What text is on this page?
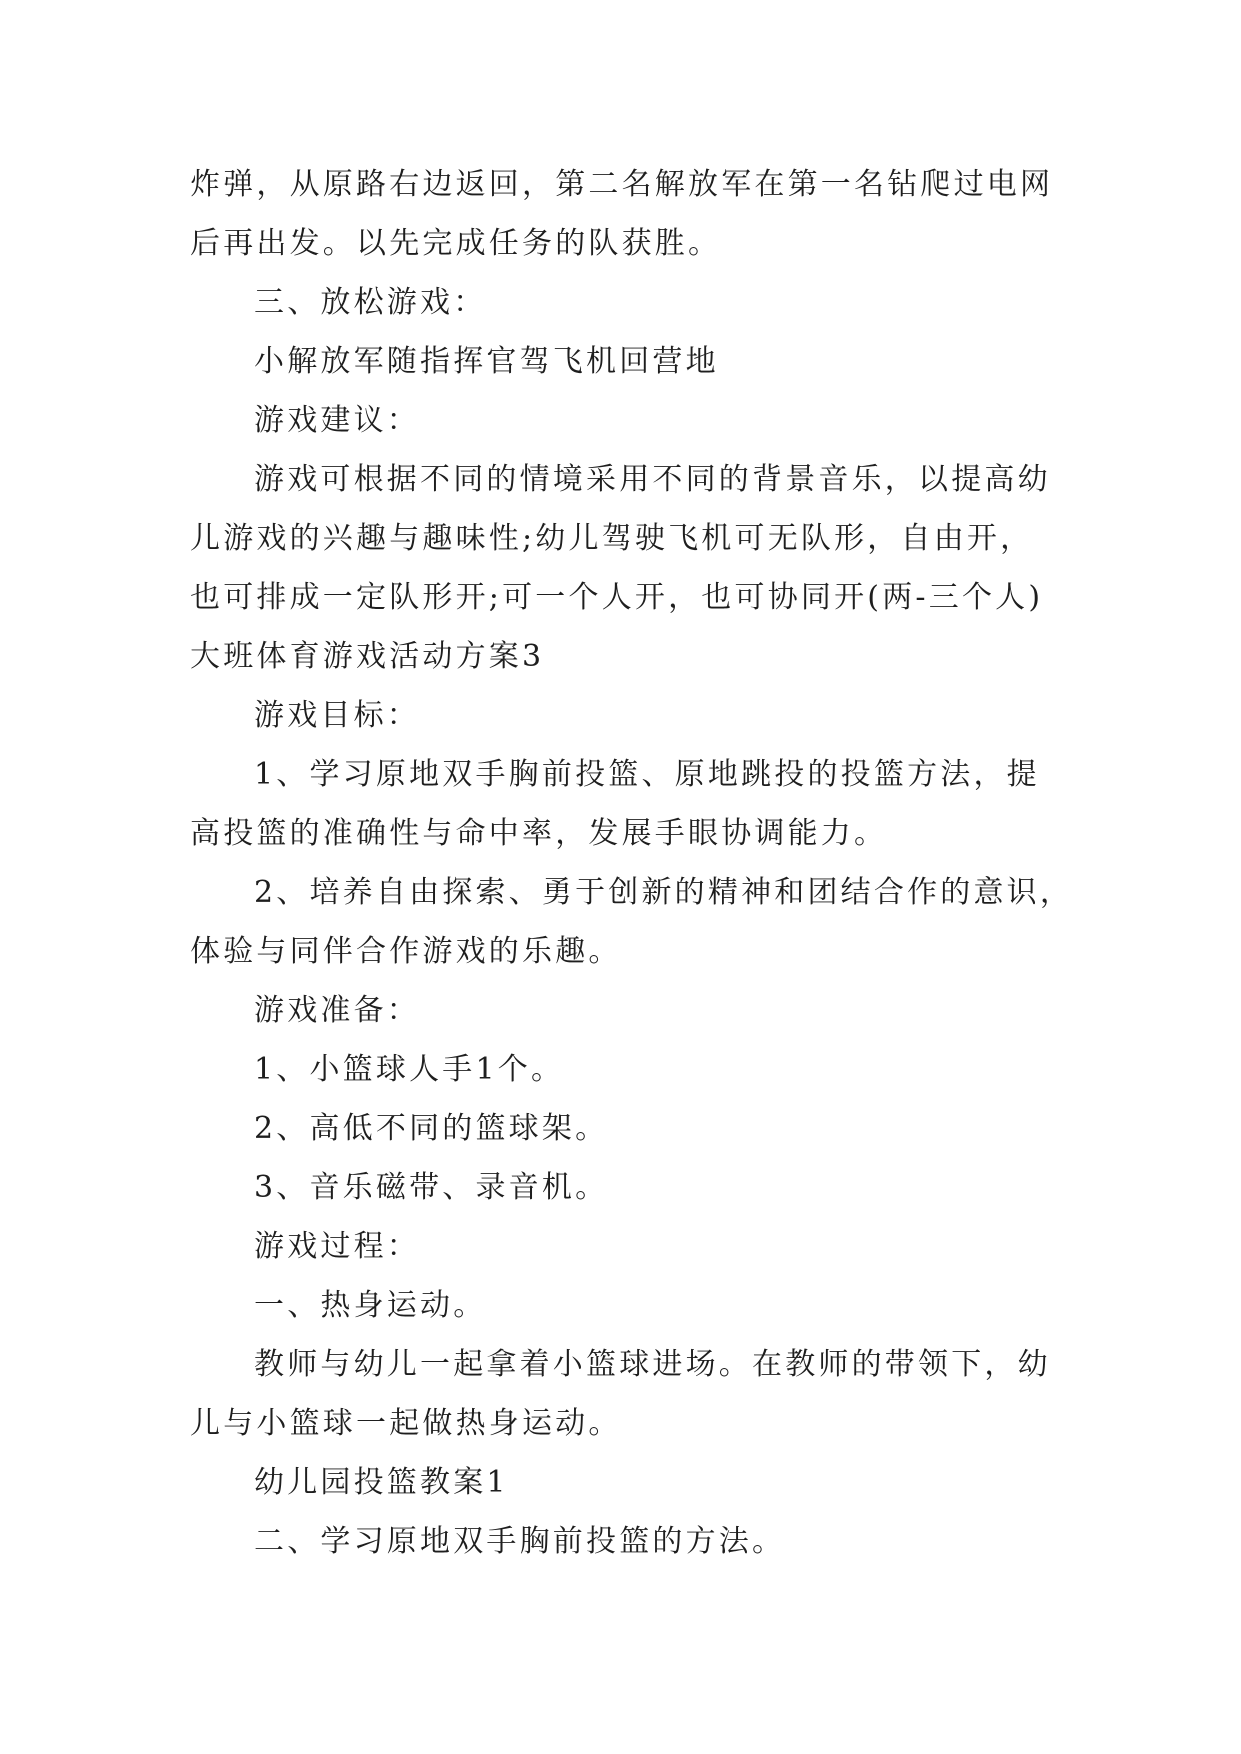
炸弹，从原路右边返回，第二名解放军在第一名钻爬过电网
后再出发。以先完成任务的队获胜。
三、放松游戏：
小解放军随指挥官驾飞机回营地
游戏建议：
游戏可根据不同的情境采用不同的背景音乐，以提高幼
儿游戏的兴趣与趣味性;幼儿驾驶飞机可无队形，自由开，
也可排成一定队形开;可一个人开，也可协同开(两-三个人)
大班体育游戏活动方案3
游戏目标：
1、学习原地双手胸前投篮、原地跳投的投篮方法，提
高投篮的准确性与命中率，发展手眼协调能力。
2、培养自由探索、勇于创新的精神和团结合作的意识，
体验与同伴合作游戏的乐趣。
游戏准备：
1、小篮球人手1个。
2、高低不同的篮球架。
3、音乐磁带、录音机。
游戏过程：
一、热身运动。
教师与幼儿一起拿着小篮球进场。在教师的带领下，幼
儿与小篮球一起做热身运动。
幼儿园投篮教案1
二、学习原地双手胸前投篮的方法。
